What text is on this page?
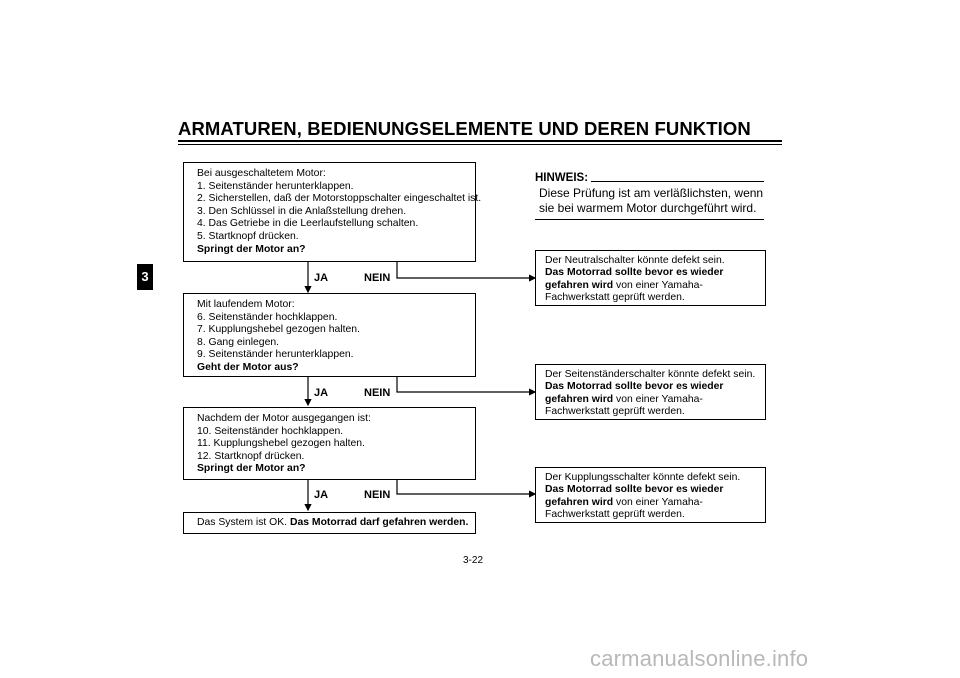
ARMATUREN, BEDIENUNGSELEMENTE UND DEREN FUNKTION
3
Bei ausgeschaltetem Motor:
1. Seitenständer herunterklappen.
2. Sicherstellen, daß der Motorstoppschalter eingeschaltet ist.
3. Den Schlüssel in die Anlaßstellung drehen.
4. Das Getriebe in die Leerlaufstellung schalten.
5. Startknopf drücken.
Springt der Motor an?
JA	NEIN
Mit laufendem Motor:
6. Seitenständer hochklappen.
7. Kupplungshebel gezogen halten.
8. Gang einlegen.
9. Seitenständer herunterklappen.
Geht der Motor aus?
JA	NEIN
Nachdem der Motor ausgegangen ist:
10. Seitenständer hochklappen.
11. Kupplungshebel gezogen halten.
12. Startknopf drücken.
Springt der Motor an?
JA	NEIN
Das System ist OK. Das Motorrad darf gefahren werden.
HINWEIS:
Diese Prüfung ist am verläßlichsten, wenn sie bei warmem Motor durchgeführt wird.
Der Neutralschalter könnte defekt sein.
Das Motorrad sollte bevor es wieder
gefahren wird von einer Yamaha-
Fachwerkstatt geprüft werden.
Der Seitenständerschalter könnte defekt sein.
Das Motorrad sollte bevor es wieder
gefahren wird von einer Yamaha-
Fachwerkstatt geprüft werden.
Der Kupplungsschalter könnte defekt sein.
Das Motorrad sollte bevor es wieder
gefahren wird von einer Yamaha-
Fachwerkstatt geprüft werden.
3-22
carmanualsonline.info
